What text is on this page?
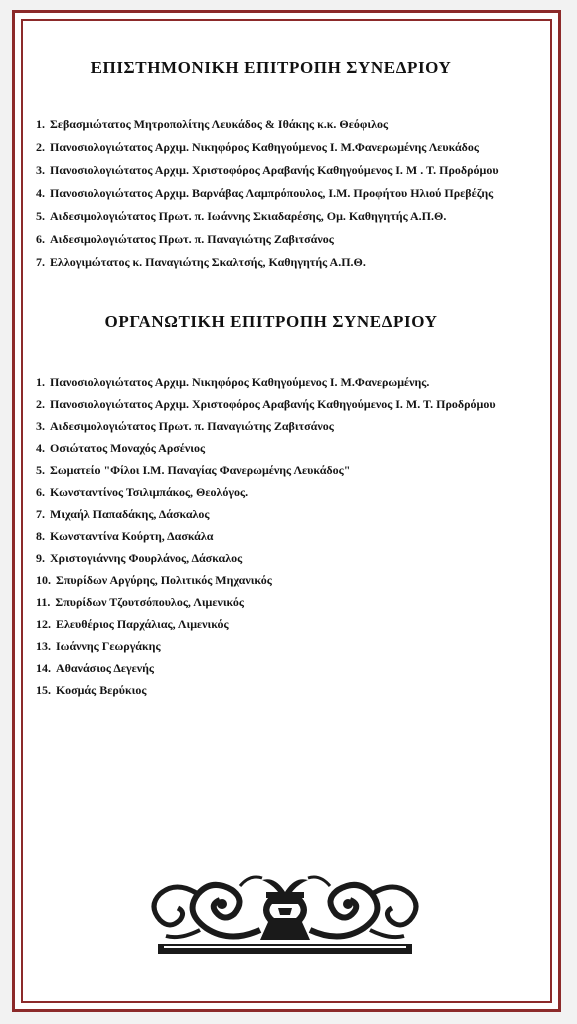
ΕΠΙΣΤΗΜΟΝΙΚΗ ΕΠΙΤΡΟΠΗ ΣΥΝΕΔΡΙΟΥ
1. Σεβασμιώτατος Μητροπολίτης Λευκάδος & Ιθάκης κ.κ. Θεόφιλος
2. Πανοσιολογιώτατος Αρχιμ. Νικηφόρος Καθηγούμενος Ι. Μ.Φανερωμένης Λευκάδος
3. Πανοσιολογιώτατος Αρχιμ. Χριστοφόρος Αραβανής Καθηγούμενος Ι. Μ . Τ. Προδρόμου
4. Πανοσιολογιώτατος Αρχιμ. Βαρνάβας Λαμπρόπουλος, Ι.Μ. Προφήτου Ηλιού Πρεβέζης
5. Αιδεσιμολογιώτατος Πρωτ. π. Ιωάννης Σκιαδαρέσης, Ομ. Καθηγητής Α.Π.Θ.
6. Αιδεσιμολογιώτατος Πρωτ. π. Παναγιώτης Ζαβιτσάνος
7. Ελλογιμώτατος κ. Παναγιώτης Σκαλτσής, Καθηγητής Α.Π.Θ.
ΟΡΓΑΝΩΤΙΚΗ ΕΠΙΤΡΟΠΗ ΣΥΝΕΔΡΙΟΥ
1. Πανοσιολογιώτατος Αρχιμ. Νικηφόρος Καθηγούμενος Ι. Μ.Φανερωμένης.
2. Πανοσιολογιώτατος Αρχιμ. Χριστοφόρος Αραβανής Καθηγούμενος Ι. Μ. Τ. Προδρόμου
3. Αιδεσιμολογιώτατος Πρωτ. π. Παναγιώτης Ζαβιτσάνος
4. Οσιώτατος Μοναχός Αρσένιος
5. Σωματείο "Φίλοι Ι.Μ. Παναγίας Φανερωμένης Λευκάδος"
6. Κωνσταντίνος Τσιλιμπάκος, Θεολόγος.
7. Μιχαήλ Παπαδάκης, Δάσκαλος
8. Κωνσταντίνα Κούρτη, Δασκάλα
9. Χριστογιάννης Φουρλάνος, Δάσκαλος
10. Σπυρίδων Αργύρης, Πολιτικός Μηχανικός
11. Σπυρίδων Τζουτσόπουλος, Λιμενικός
12. Ελευθέριος Παρχάλιας, Λιμενικός
13. Ιωάννης Γεωργάκης
14. Αθανάσιος Δεγενής
15. Κοσμάς Βερύκιος
